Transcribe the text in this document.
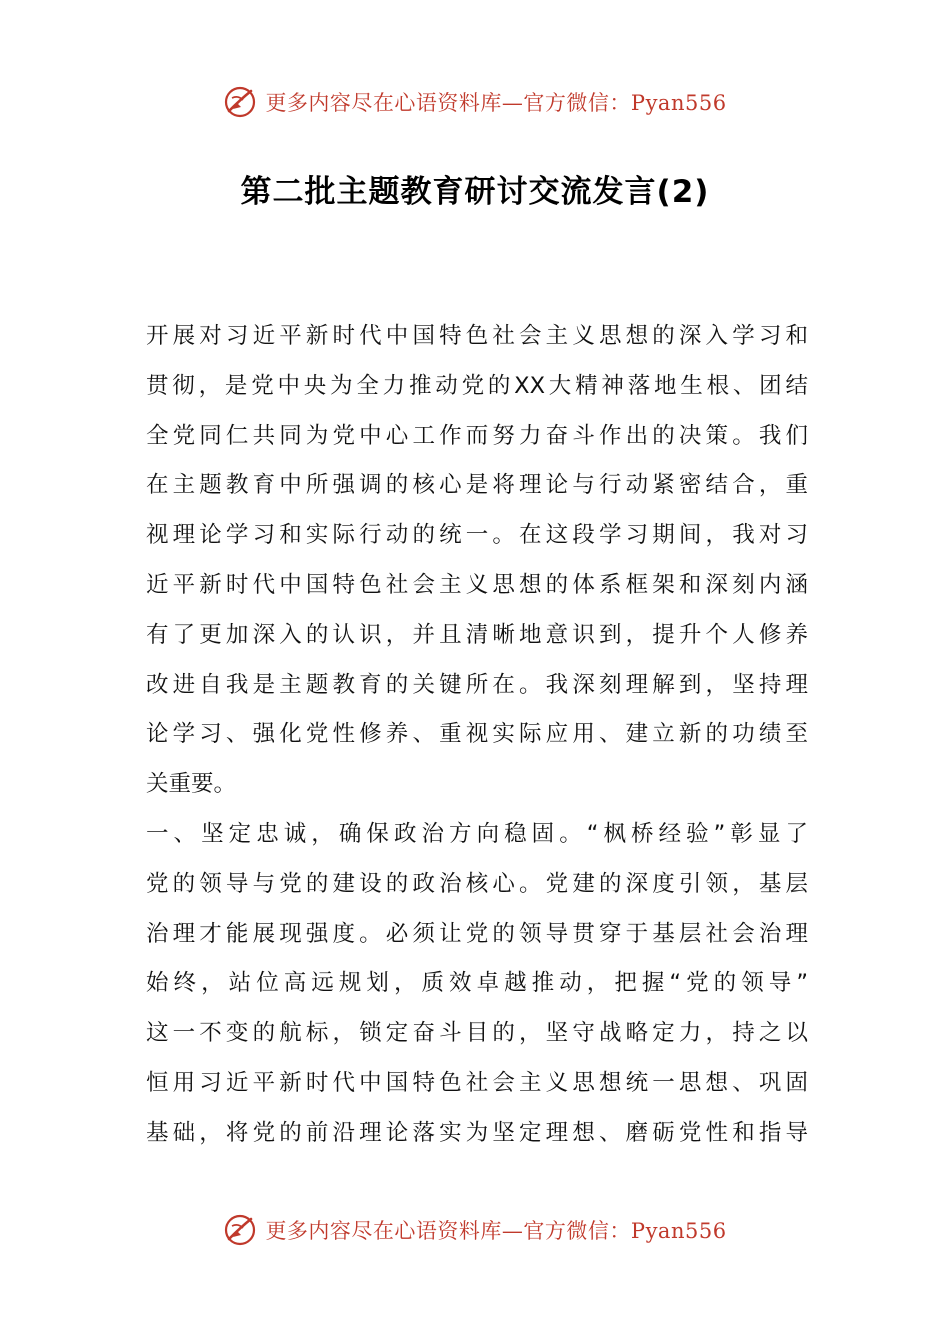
更多内容尽在心语资料库—官方微信：Pyan556
第二批主题教育研讨交流发言(2)
开展对习近平新时代中国特色社会主义思想的深入学习和
贯彻，是党中央为全力推动党的XX大精神落地生根、团结
全党同仁共同为党中心工作而努力奋斗作出的决策。我们
在主题教育中所强调的核心是将理论与行动紧密结合，重
视理论学习和实际行动的统一。在这段学习期间，我对习
近平新时代中国特色社会主义思想的体系框架和深刻内涵
有了更加深入的认识，并且清晰地意识到，提升个人修养
改进自我是主题教育的关键所在。我深刻理解到，坚持理
论学习、强化党性修养、重视实际应用、建立新的功绩至
关重要。
一、坚定忠诚，确保政治方向稳固。“枫桥经验”彰显了
党的领导与党的建设的政治核心。党建的深度引领，基层
治理才能展现强度。必须让党的领导贯穿于基层社会治理
始终，站位高远规划，质效卓越推动，把握“党的领导”
这一不变的航标，锁定奋斗目的，坚守战略定力，持之以
恒用习近平新时代中国特色社会主义思想统一思想、巩固
基础，将党的前沿理论落实为坚定理想、磨砺党性和指导
更多内容尽在心语资料库—官方微信：Pyan556
